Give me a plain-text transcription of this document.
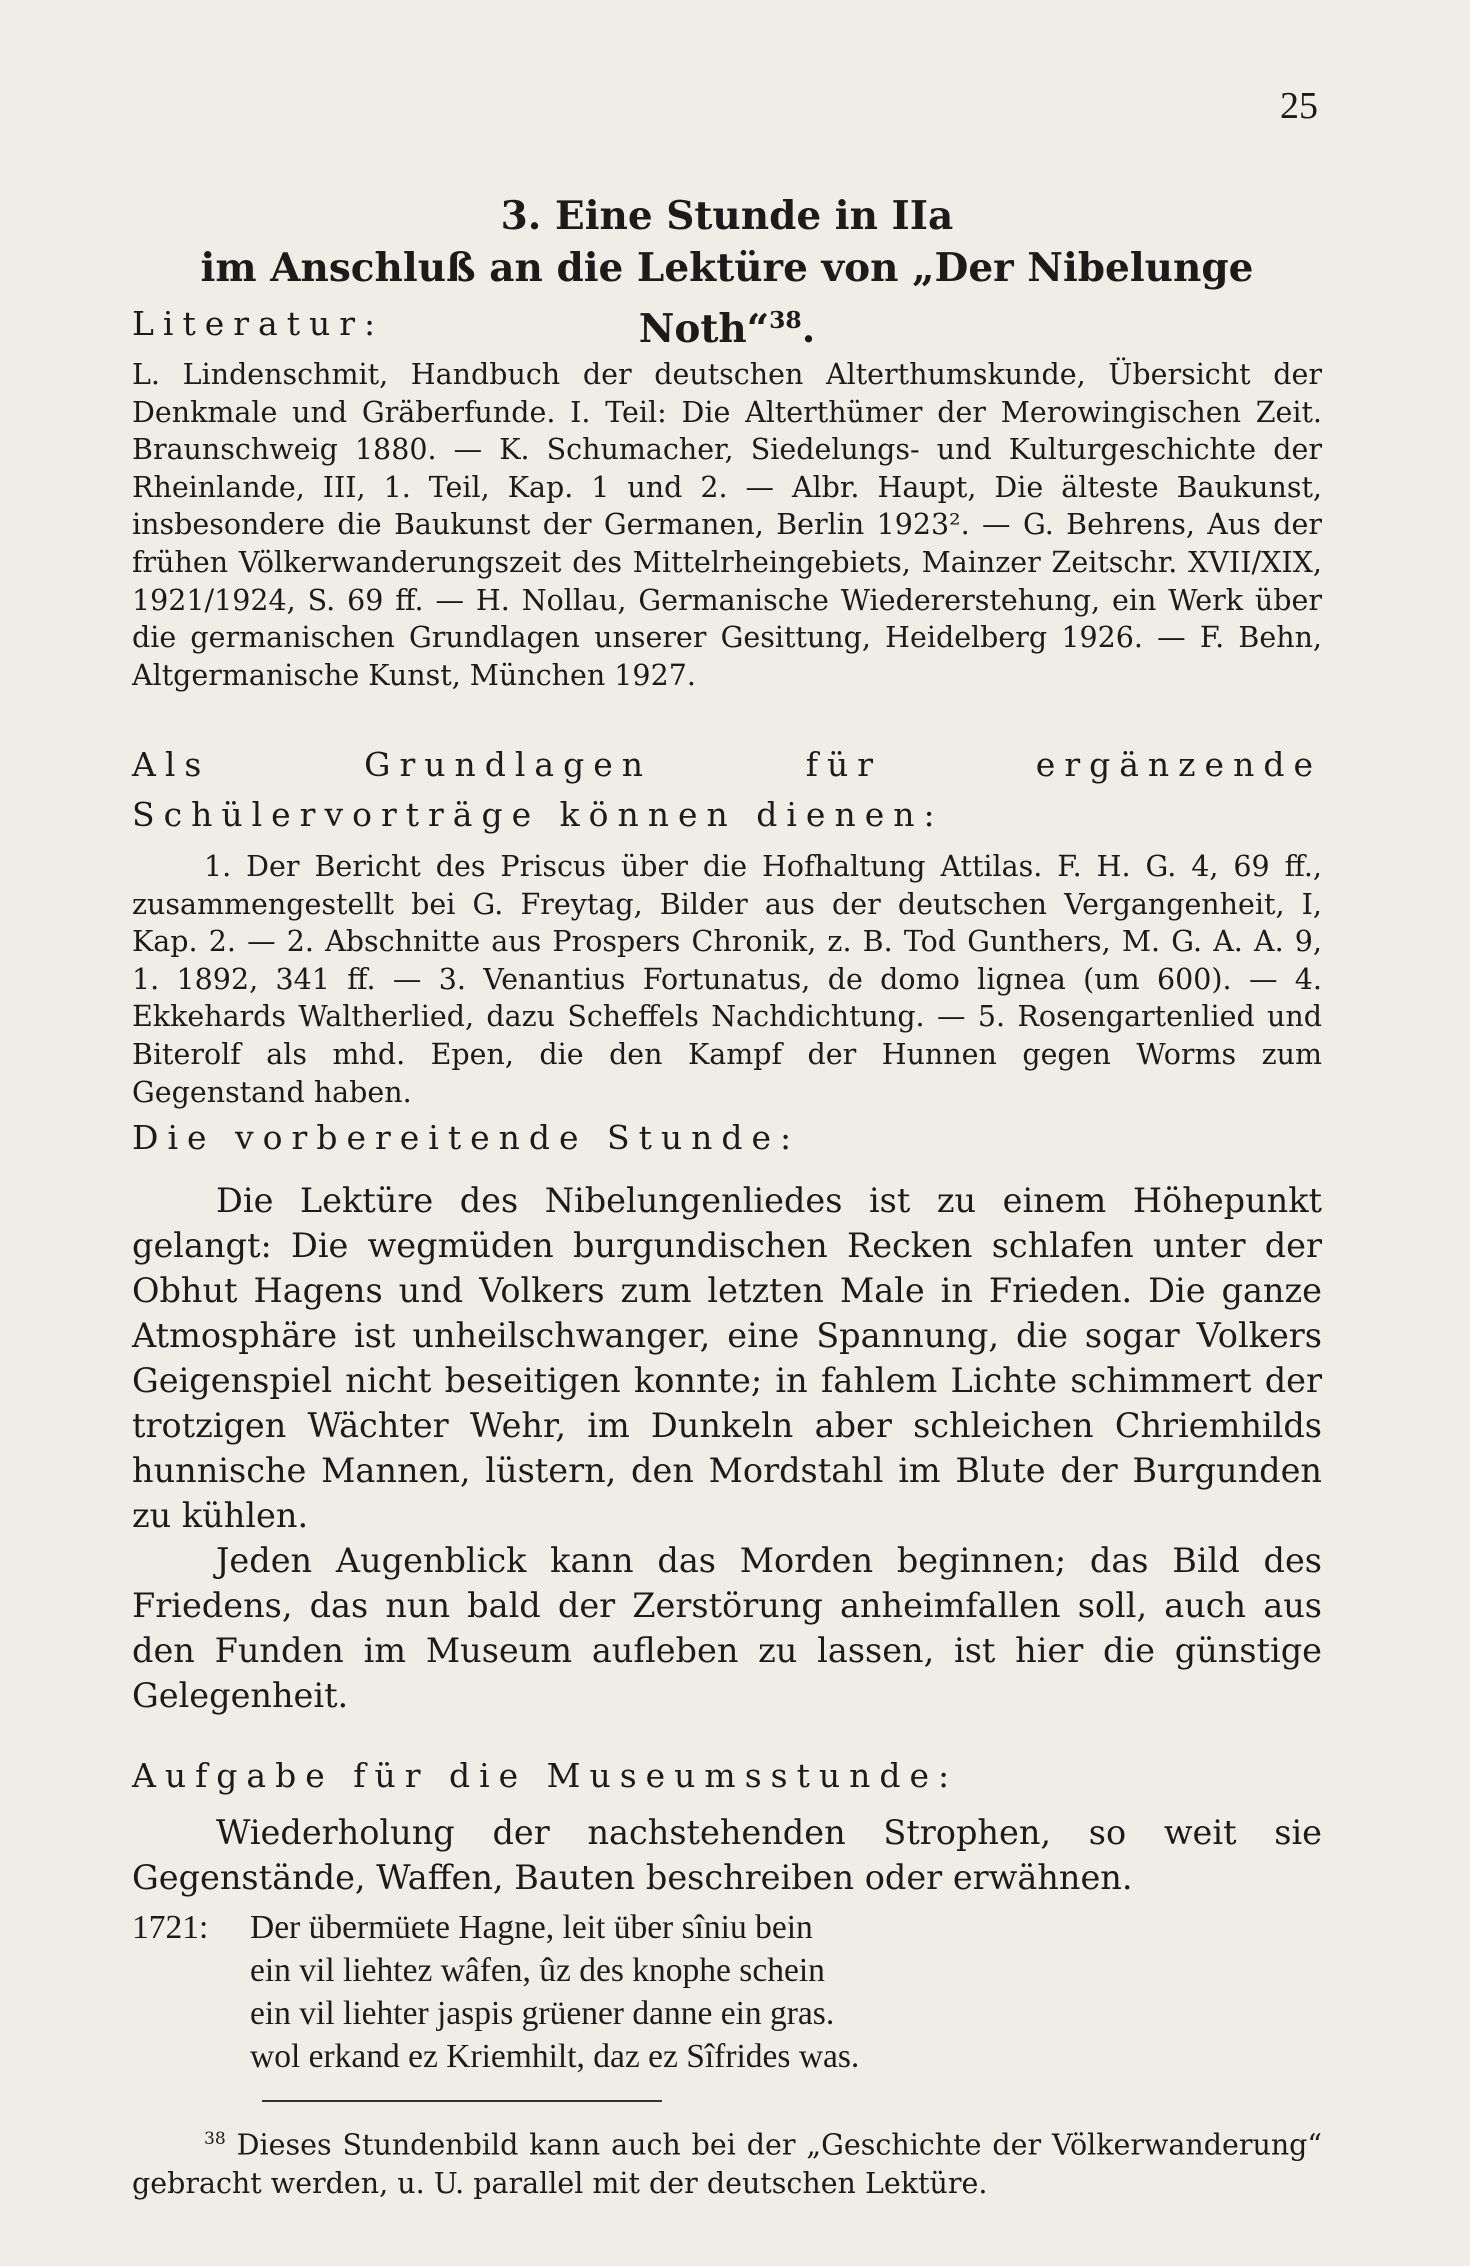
25
3. Eine Stunde in IIa
im Anschluß an die Lektüre von „Der Nibelunge Noth“$^{38}$.
Literatur:

L. Lindenschmit, Handbuch der deutschen Alterthumskunde, Übersicht der Denkmale und Gräberfunde. I. Teil: Die Alterthümer der Merowingischen Zeit. Braunschweig 1880. — K. Schumacher, Siedelungs- und Kulturgeschichte der Rheinlande, III, 1. Teil, Kap. 1 und 2. — Albr. Haupt, Die älteste Baukunst, insbesondere die Baukunst der Germanen, Berlin 1923². — G. Behrens, Aus der frühen Völkerwanderungszeit des Mittelrheingebiets, Mainzer Zeitschr. XVII/XIX, 1921/1924, S. 69 ff. — H. Nollau, Germanische Wiedererstehung, ein Werk über die germanischen Grundlagen unserer Gesittung, Heidelberg 1926. — F. Behn, Altgermanische Kunst, München 1927.

Als Grundlagen für ergänzende Schülervorträge können dienen:

1. Der Bericht des Priscus über die Hofhaltung Attilas. F. H. G. 4, 69 ff., zusammengestellt bei G. Freytag, Bilder aus der deutschen Vergangenheit, I, Kap. 2. — 2. Abschnitte aus Prospers Chronik, z. B. Tod Gunthers, M. G. A. A. 9, 1. 1892, 341 ff. — 3. Venantius Fortunatus, de domo lignea (um 600). — 4. Ekkehards Waltherlied, dazu Scheffels Nachdichtung. — 5. Rosengartenlied und Biterolf als mhd. Epen, die den Kampf der Hunnen gegen Worms zum Gegenstand haben.

Die vorbereitende Stunde:

Die Lektüre des Nibelungenliedes ist zu einem Höhepunkt gelangt: Die wegmüden burgundischen Recken schlafen unter der Obhut Hagens und Volkers zum letzten Male in Frieden. Die ganze Atmosphäre ist unheilschwanger, eine Spannung, die sogar Volkers Geigenspiel nicht beseitigen konnte; in fahlem Lichte schimmert der trotzigen Wächter Wehr, im Dunkeln aber schleichen Chriemhilds hunnische Mannen, lüstern, den Mordstahl im Blute der Burgunden zu kühlen.

Jeden Augenblick kann das Morden beginnen; das Bild des Friedens, das nun bald der Zerstörung anheimfallen soll, auch aus den Funden im Museum aufleben zu lassen, ist hier die günstige Gelegenheit.

Aufgabe für die Museumsstunde:

Wiederholung der nachstehenden Strophen, so weit sie Gegenstände, Waffen, Bauten beschreiben oder erwähnen.

1721: Der übermüete Hagne, leit über sîniu bein
ein vil liehtez wâfen, ûz des knophe schein
ein vil liehter jaspis grüener danne ein gras.
wol erkand ez Kriemhilt, daz ez Sîfrides was.
$^{38}$ Dieses Stundenbild kann auch bei der „Geschichte der Völkerwanderung“ gebracht werden, u. U. parallel mit der deutschen Lektüre.
